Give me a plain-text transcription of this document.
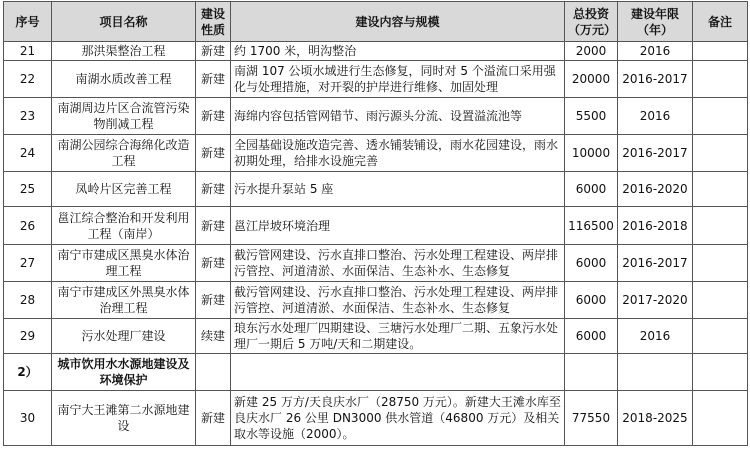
序号	项目名称	建设性质	建设内容与规模	总投资（万元）	建设年限（年）	备注
21	那洪渠整治工程	新建	约 1700 米，明沟整治	2000	2016	
22	南湖水质改善工程	新建	南湖 107 公顷水域进行生态修复，同时对 5 个溢流口采用强化与处理措施，对开裂的护岸进行维修、加固处理	20000	2016-2017	
23	南湖周边片区合流管污染物削减工程	新建	海绵内容包括管网错节、雨污源头分流、设置溢流池等	5500	2016	
24	南湖公园综合海绵化改造工程	新建	全园基础设施改造完善、透水铺装铺设，雨水花园建设，雨水初期处理，给排水设施完善	10000	2016-2017	
25	凤岭片区完善工程	新建	污水提升泵站 5 座	6000	2016-2020	
26	邕江综合整治和开发利用工程（南岸）	新建	邕江岸坡环境治理	116500	2016-2018	
27	南宁市建成区黑臭水体治理工程	新建	截污管网建设、污水直排口整治、污水处理工程建设、两岸排污管控、河道清淤、水面保洁、生态补水、生态修复	6000	2016-2017	
28	南宁市建成区外黑臭水体治理工程	新建	截污管网建设、污水直排口整治、污水处理工程建设、两岸排污管控、河道清淤、水面保洁、生态补水、生态修复	6000	2017-2020	
29	污水处理厂建设	续建	琅东污水处理厂四期建设、三塘污水处理厂二期、五象污水处理厂一期后 5 万吨/天和二期建设。	6000	2016	
2）	城市饮用水水源地建设及环境保护					
30	南宁大王滩第二水源地建设	新建	新建 25 万方/天良庆水厂（28750 万元）。新建大王滩水库至良庆水厂 26 公里 DN3000 供水管道（46800 万元）及相关取水等设施（2000）。	77550	2018-2025	
